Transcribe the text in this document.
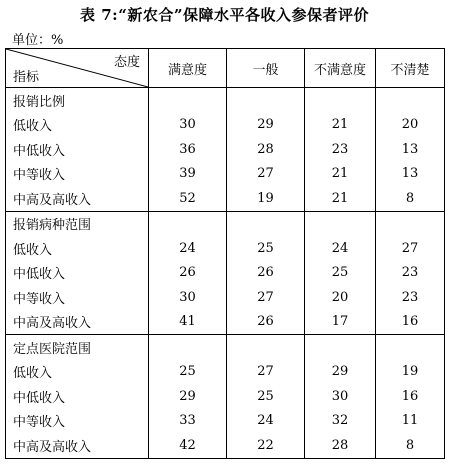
表 7:“新农合”保障水平各收入参保者评价
单位：%
态度
指标	满意度	一般	不满意度	不清楚
报销比例				
低收入	30	29	21	20
中低收入	36	28	23	13
中等收入	39	27	21	13
中高及高收入	52	19	21	8
报销病种范围				
低收入	24	25	24	27
中低收入	26	26	25	23
中等收入	30	27	20	23
中高及高收入	41	26	17	16
定点医院范围				
低收入	25	27	29	19
中低收入	29	25	30	16
中等收入	33	24	32	11
中高及高收入	42	22	28	8
